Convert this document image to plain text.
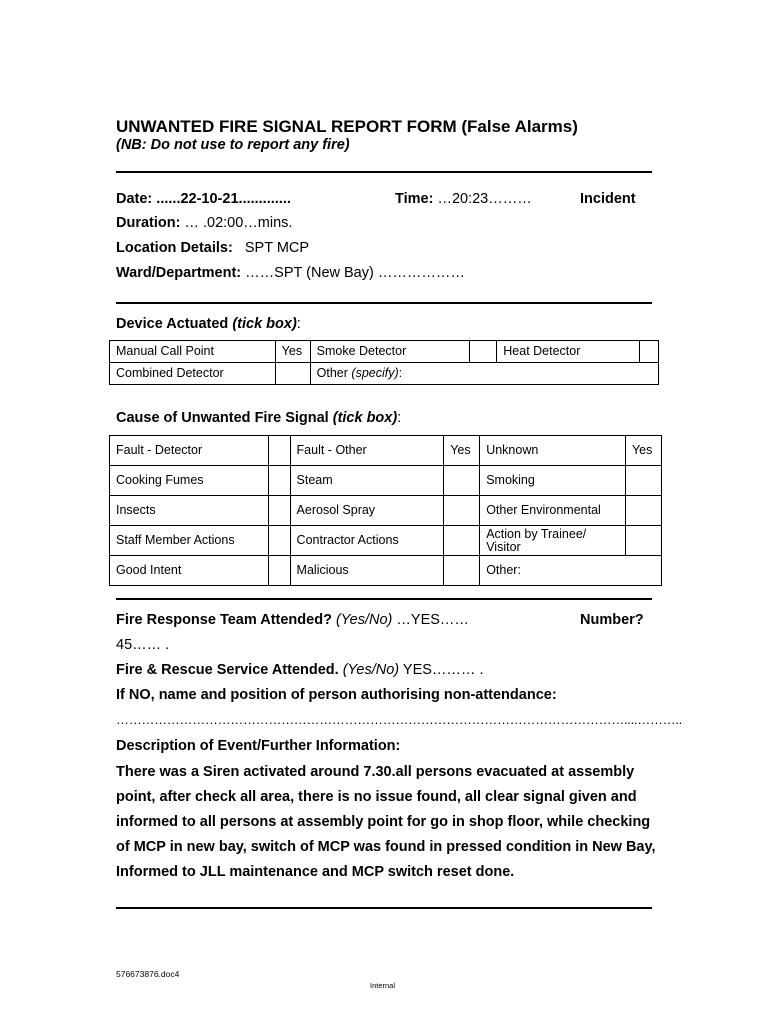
UNWANTED FIRE SIGNAL REPORT FORM (False Alarms)
(NB: Do not use to report any fire)
Date: ......22-10-21.............	Time: …20:23………	Incident
Duration: … .02:00…mins.
Location Details: SPT MCP
Ward/Department: ……SPT (New Bay) ………………
Device Actuated (tick box):
Manual Call Point	Yes	Smoke Detector		Heat Detector	
Combined Detector		Other (specify):			
Cause of Unwanted Fire Signal (tick box):
Fault - Detector		Fault - Other	Yes	Unknown	Yes
Cooking Fumes		Steam		Smoking	
Insects		Aerosol Spray		Other Environmental	
Staff Member Actions		Contractor Actions		Action by Trainee/ Visitor	
Good Intent		Malicious		Other:	
Fire Response Team Attended? (Yes/No) …YES……	Number?
45…… .
Fire & Rescue Service Attended. (Yes/No) YES……… .
If NO, name and position of person authorising non-attendance:
…………………………………………………………………………………………………………....………..
Description of Event/Further Information:
There was a Siren activated around 7.30.all persons evacuated at assembly point, after check all area, there is no issue found, all clear signal given and informed to all persons at assembly point for go in shop floor, while checking of MCP in new bay, switch of MCP was found in pressed condition in New Bay, Informed to JLL maintenance and MCP switch reset done.
576673876.doc4
Internal
